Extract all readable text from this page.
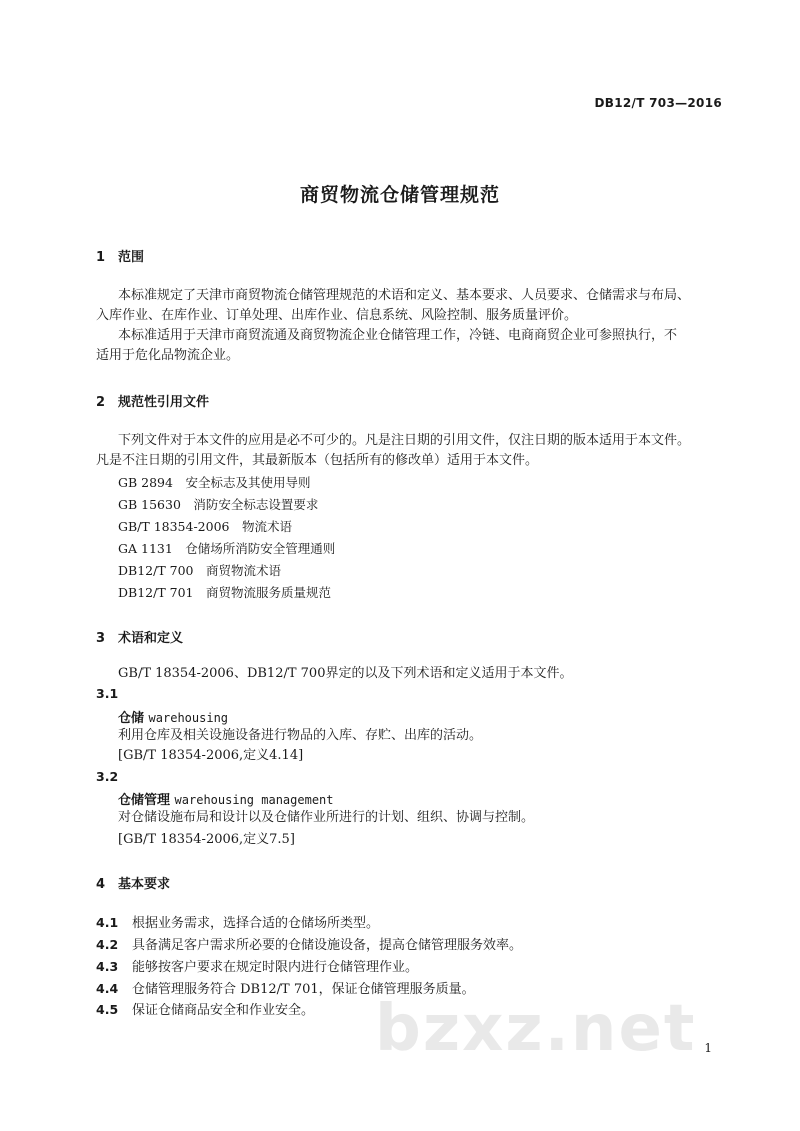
DB12/T 703—2016
商贸物流仓储管理规范
1 范围
本标准规定了天津市商贸物流仓储管理规范的术语和定义、基本要求、人员要求、仓储需求与布局、
入库作业、在库作业、订单处理、出库作业、信息系统、风险控制、服务质量评价。
本标准适用于天津市商贸流通及商贸物流企业仓储管理工作，冷链、电商商贸企业可参照执行，不
适用于危化品物流企业。
2 规范性引用文件
下列文件对于本文件的应用是必不可少的。凡是注日期的引用文件，仅注日期的版本适用于本文件。
凡是不注日期的引用文件，其最新版本（包括所有的修改单）适用于本文件。
GB 2894　安全标志及其使用导则
GB 15630　消防安全标志设置要求
GB/T 18354-2006　物流术语
GA 1131　仓储场所消防安全管理通则
DB12/T 700　商贸物流术语
DB12/T 701　商贸物流服务质量规范
3 术语和定义
GB/T 18354-2006、DB12/T 700界定的以及下列术语和定义适用于本文件。
3.1
仓储 warehousing
利用仓库及相关设施设备进行物品的入库、存贮、出库的活动。
[GB/T 18354-2006,定义4.14]
3.2
仓储管理 warehousing management
对仓储设施布局和设计以及仓储作业所进行的计划、组织、协调与控制。
[GB/T 18354-2006,定义7.5]
4 基本要求
4.1 根据业务需求，选择合适的仓储场所类型。
4.2 具备满足客户需求所必要的仓储设施设备，提高仓储管理服务效率。
4.3 能够按客户要求在规定时限内进行仓储管理作业。
4.4 仓储管理服务符合 DB12/T 701，保证仓储管理服务质量。
4.5 保证仓储商品安全和作业安全。 bzxz.net 1
